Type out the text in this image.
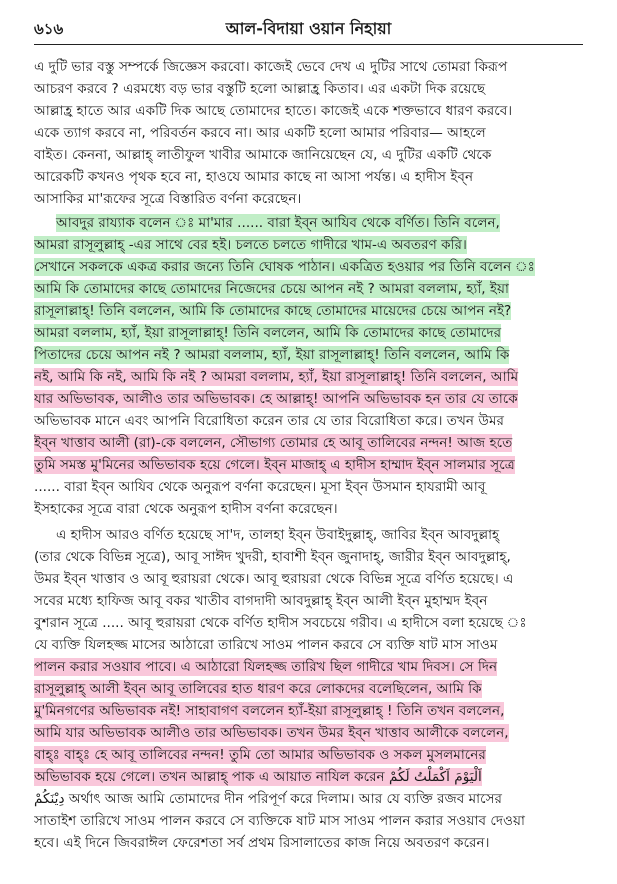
৬১৬	আল-বিদায়া ওয়ান নিহায়া
এ দুটি ভার বস্তু সম্পর্কে জিজ্ঞেস করবো। কাজেই ভেবে দেখ এ দুটির সাথে তোমরা কিরূপ
আচরণ করবে ? এরমধ্যে বড় ভার বস্তুটি হলো আল্লাহ্র কিতাব। এর একটা দিক রয়েছে
আল্লাহ্র হাতে আর একটি দিক আছে তোমাদের হাতে। কাজেই একে শক্তভাবে ধারণ করবে।
একে ত্যাগ করবে না, পরিবর্তন করবে না। আর একটি হলো আমার পরিবার— আহলে
বাইত। কেননা, আল্লাহ্ লাতীফুল খাবীর আমাকে জানিয়েছেন যে, এ দুটির একটি থেকে
আরেকটি কখনও পৃথক হবে না, হাওযে আমার কাছে না আসা পর্যন্ত। এ হাদীস ইব্ন
আসাকির মা'রূফের সূত্রে বিস্তারিত বর্ণনা করেছেন।
আবদুর রায্যাক বলেন ঃ মা'মার ...... বারা ইব্ন আযিব থেকে বর্ণিত। তিনি বলেন,
আমরা রাসূলুল্লাহ্ -এর সাথে বের হই। চলতে চলতে গাদীরে খাম-এ অবতরণ করি।
সেখানে সকলকে একত্র করার জন্যে তিনি ঘোষক পাঠান। একত্রিত হওয়ার পর তিনি বলেন ঃ
আমি কি তোমাদের কাছে তোমাদের নিজেদের চেয়ে আপন নই ? আমরা বললাম, হ্যাঁ, ইয়া
রাসূলাল্লাহ্! তিনি বললেন, আমি কি তোমাদের কাছে তোমাদের মায়েদের চেয়ে আপন নই?
আমরা বললাম, হ্যাঁ, ইয়া রাসূলাল্লাহ্! তিনি বললেন, আমি কি তোমাদের কাছে তোমাদের
পিতাদের চেয়ে আপন নই ? আমরা বললাম, হ্যাঁ, ইয়া রাসূলাল্লাহ্! তিনি বললেন, আমি কি
নই, আমি কি নই, আমি কি নই ? আমরা বললাম, হ্যাঁ, ইয়া রাসূলাল্লাহ্! তিনি বললেন, আমি
যার অভিভাবক, আলীও তার অভিভাবক। হে আল্লাহ্! আপনি অভিভাবক হন তার যে তাকে
অভিভাবক মানে এবং আপনি বিরোধিতা করেন তার যে তার বিরোধিতা করে। তখন উমর
ইব্ন খাত্তাব আলী (রা)-কে বললেন, সৌভাগ্য তোমার হে আবূ তালিবের নন্দন! আজ হতে
তুমি সমস্ত মু'মিনের অভিভাবক হয়ে গেলে। ইব্ন মাজাহ্ এ হাদীস হাম্মাদ ইব্ন সালমার সূত্রে
...... বারা ইব্ন আযিব থেকে অনুরূপ বর্ণনা করেছেন। মূসা ইব্ন উসমান হাযরামী আবূ
ইসহাকের সূত্রে বারা থেকে অনুরূপ হাদীস বর্ণনা করেছেন।
এ হাদীস আরও বর্ণিত হয়েছে সা'দ, তালহা ইব্ন উবাইদুল্লাহ্, জাবির ইব্ন আবদুল্লাহ্
(তার থেকে বিভিন্ন সূত্রে), আবূ সাঈদ খুদরী, হাবাশী ইব্ন জুনাদাহ্, জারীর ইব্ন আবদুল্লাহ্,
উমর ইব্ন খাত্তাব ও আবূ হুরায়রা থেকে। আবূ হুরায়রা থেকে বিভিন্ন সূত্রে বর্ণিত হয়েছে। এ
সবের মধ্যে হাফিজ আবূ বকর খাতীব বাগদাদী আবদুল্লাহ্ ইব্ন আলী ইব্ন মুহাম্মদ ইব্ন
বুশরান সূত্রে ..... আবূ হুরায়রা থেকে বর্ণিত হাদীস সবচেয়ে গরীব। এ হাদীসে বলা হয়েছে ঃ
যে ব্যক্তি যিলহজ্জ মাসের আঠারো তারিখে সাওম পালন করবে সে ব্যক্তি ষাট মাস সাওম
পালন করার সওয়াব পাবে। এ আঠারো যিলহজ্জ তারিখ ছিল গাদীরে খাম দিবস। সে দিন
রাসূলুল্লাহ্ আলী ইব্ন আবূ তালিবের হাত ধারণ করে লোকদের বলেছিলেন, আমি কি
মু'মিনগণের অভিভাবক নই! সাহাবাগণ বললেন হ্যাঁ-ইয়া রাসূলুল্লাহ্ ! তিনি তখন বললেন,
আমি যার অভিভাবক আলীও তার অভিভাবক। তখন উমর ইব্ন খাত্তাব আলীকে বললেন,
বাহ্ঃ বাহ্ঃ হে আবূ তালিবের নন্দন! তুমি তো আমার অভিভাবক ও সকল মুসলমানের
অভিভাবক হয়ে গেলে। তখন আল্লাহ্ পাক এ আয়াত নাযিল করেন اَلْيَوْمَ اَكْمَلْتُ لَكُمْ
دِيْنَكُمْ অর্থাৎ আজ আমি তোমাদের দীন পরিপূর্ণ করে দিলাম। আর যে ব্যক্তি রজব মাসের
সাতাইশ তারিখে সাওম পালন করবে সে ব্যক্তিকে ষাট মাস সাওম পালন করার সওয়াব দেওয়া
হবে। এই দিনে জিবরাঈল ফেরেশতা সর্ব প্রথম রিসালাতের কাজ নিয়ে অবতরণ করেন।
